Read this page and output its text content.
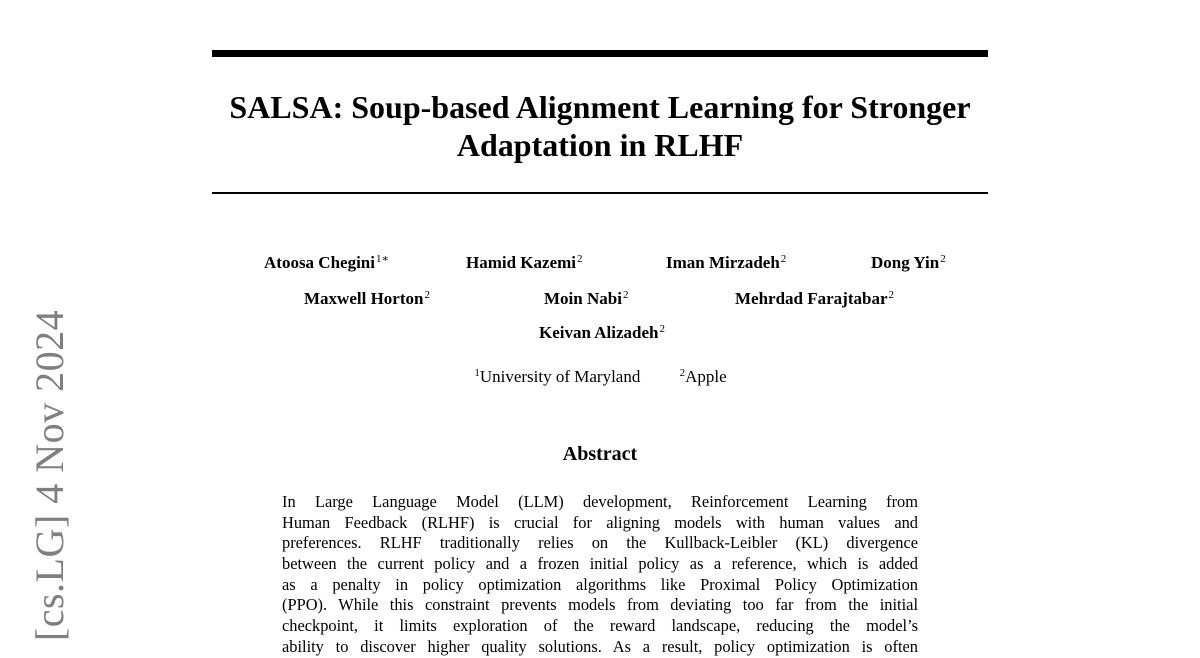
[cs.LG] 4 Nov 2024
SALSA: Soup-based Alignment Learning for Stronger
Adaptation in RLHF
Atoosa Chegini$^{1∗}$	Hamid Kazemi$^2$	Iman Mirzadeh$^2$	Dong Yin$^2$
Maxwell Horton$^2$	Moin Nabi$^2$	Mehrdad Farajtabar$^2$
Keivan Alizadeh$^2$
$^1$University of Maryland	$^2$Apple
Abstract
In Large Language Model (LLM) development, Reinforcement Learning from
Human Feedback (RLHF) is crucial for aligning models with human values and
preferences. RLHF traditionally relies on the Kullback-Leibler (KL) divergence
between the current policy and a frozen initial policy as a reference, which is added
as a penalty in policy optimization algorithms like Proximal Policy Optimization
(PPO). While this constraint prevents models from deviating too far from the initial
checkpoint, it limits exploration of the reward landscape, reducing the model’s
ability to discover higher quality solutions. As a result, policy optimization is often
